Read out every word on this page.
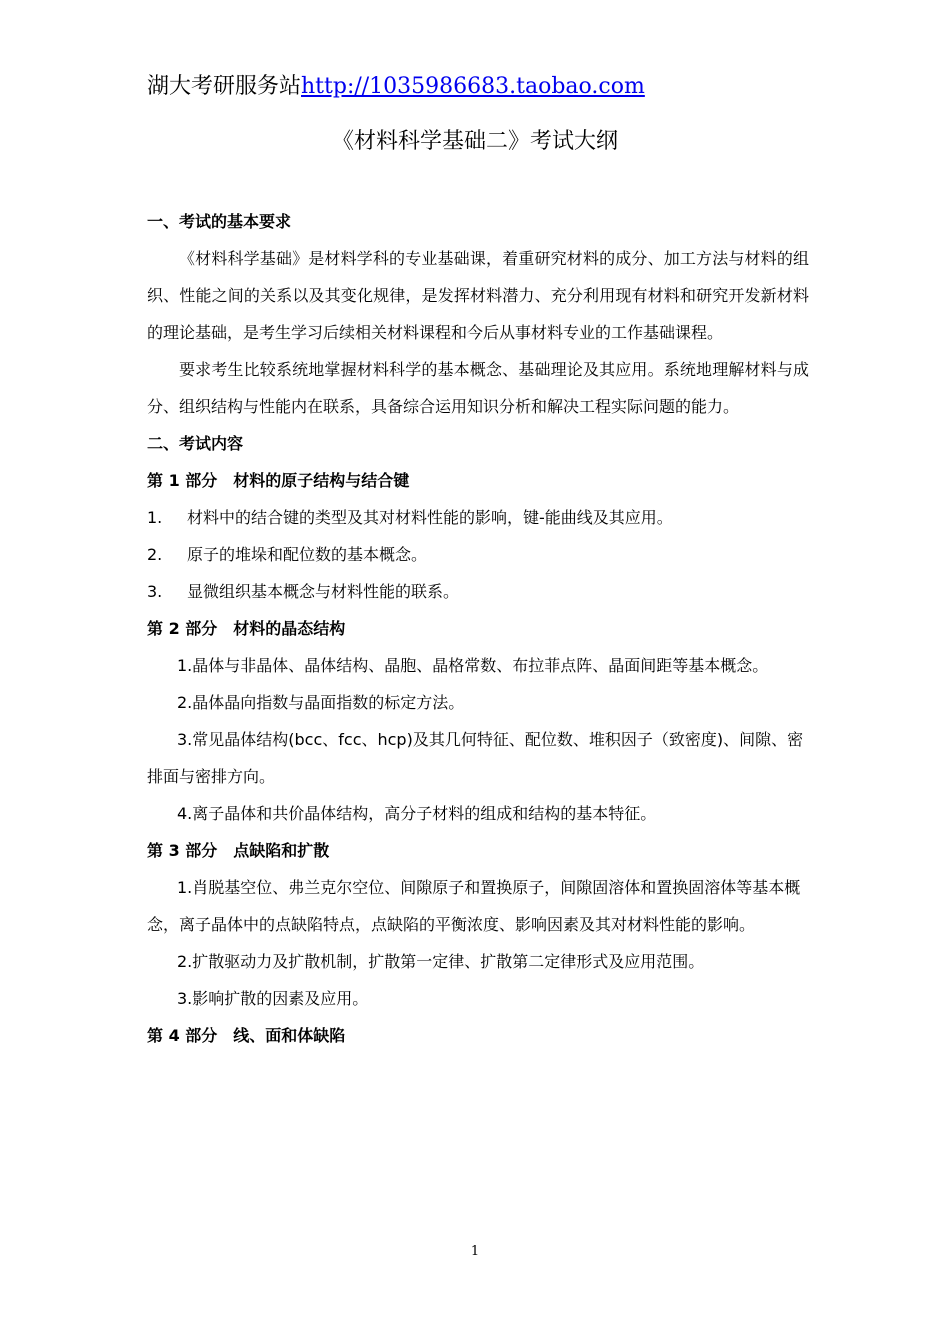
湖大考研服务站http://1035986683.taobao.com
《材料科学基础二》考试大纲

一、考试的基本要求

《材料科学基础》是材料学科的专业基础课，着重研究材料的成分、加工方法与材料的组织、性能之间的关系以及其变化规律，是发挥材料潜力、充分利用现有材料和研究开发新材料的理论基础，是考生学习后续相关材料课程和今后从事材料专业的工作基础课程。

要求考生比较系统地掌握材料科学的基本概念、基础理论及其应用。系统地理解材料与成分、组织结构与性能内在联系，具备综合运用知识分析和解决工程实际问题的能力。

二、考试内容

第 1 部分　材料的原子结构与结合键

1. 材料中的结合键的类型及其对材料性能的影响，键-能曲线及其应用。

2. 原子的堆垛和配位数的基本概念。

3. 显微组织基本概念与材料性能的联系。

第 2 部分　材料的晶态结构

1.晶体与非晶体、晶体结构、晶胞、晶格常数、布拉菲点阵、晶面间距等基本概念。

2.晶体晶向指数与晶面指数的标定方法。

3.常见晶体结构(bcc、fcc、hcp)及其几何特征、配位数、堆积因子（致密度)、间隙、密排面与密排方向。

4.离子晶体和共价晶体结构，高分子材料的组成和结构的基本特征。

第 3 部分　点缺陷和扩散

1.肖脱基空位、弗兰克尔空位、间隙原子和置换原子，间隙固溶体和置换固溶体等基本概念，离子晶体中的点缺陷特点，点缺陷的平衡浓度、影响因素及其对材料性能的影响。

2.扩散驱动力及扩散机制，扩散第一定律、扩散第二定律形式及应用范围。

3.影响扩散的因素及应用。

第 4 部分　线、面和体缺陷

1
